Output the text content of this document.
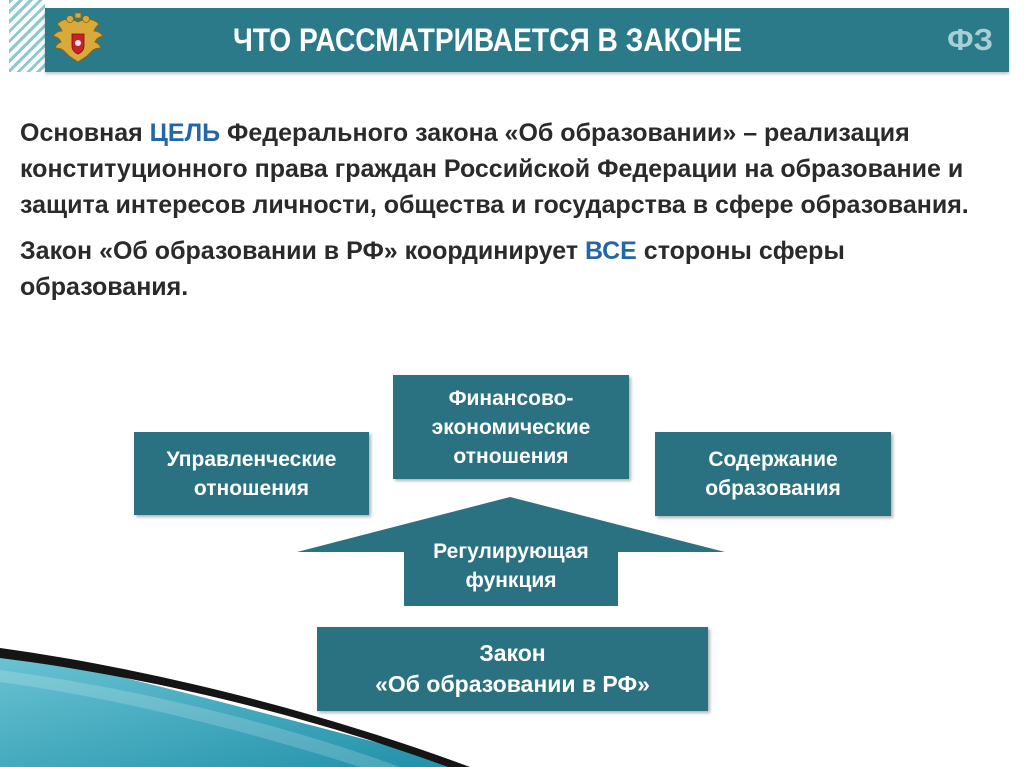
ЧТО РАССМАТРИВАЕТСЯ В ЗАКОНЕ	ФЗ

Основная ЦЕЛЬ Федерального закона «Об образовании» – реализация конституционного права граждан Российской Федерации на образование и защита интересов личности, общества и государства в сфере образования.

Закон «Об образовании в РФ» координирует ВСЕ стороны сферы образования.

Управленческие
отношения
Финансово-
экономические
отношения	Содержание
образования
Регулирующая
функция
Закон
«Об образовании в РФ»
